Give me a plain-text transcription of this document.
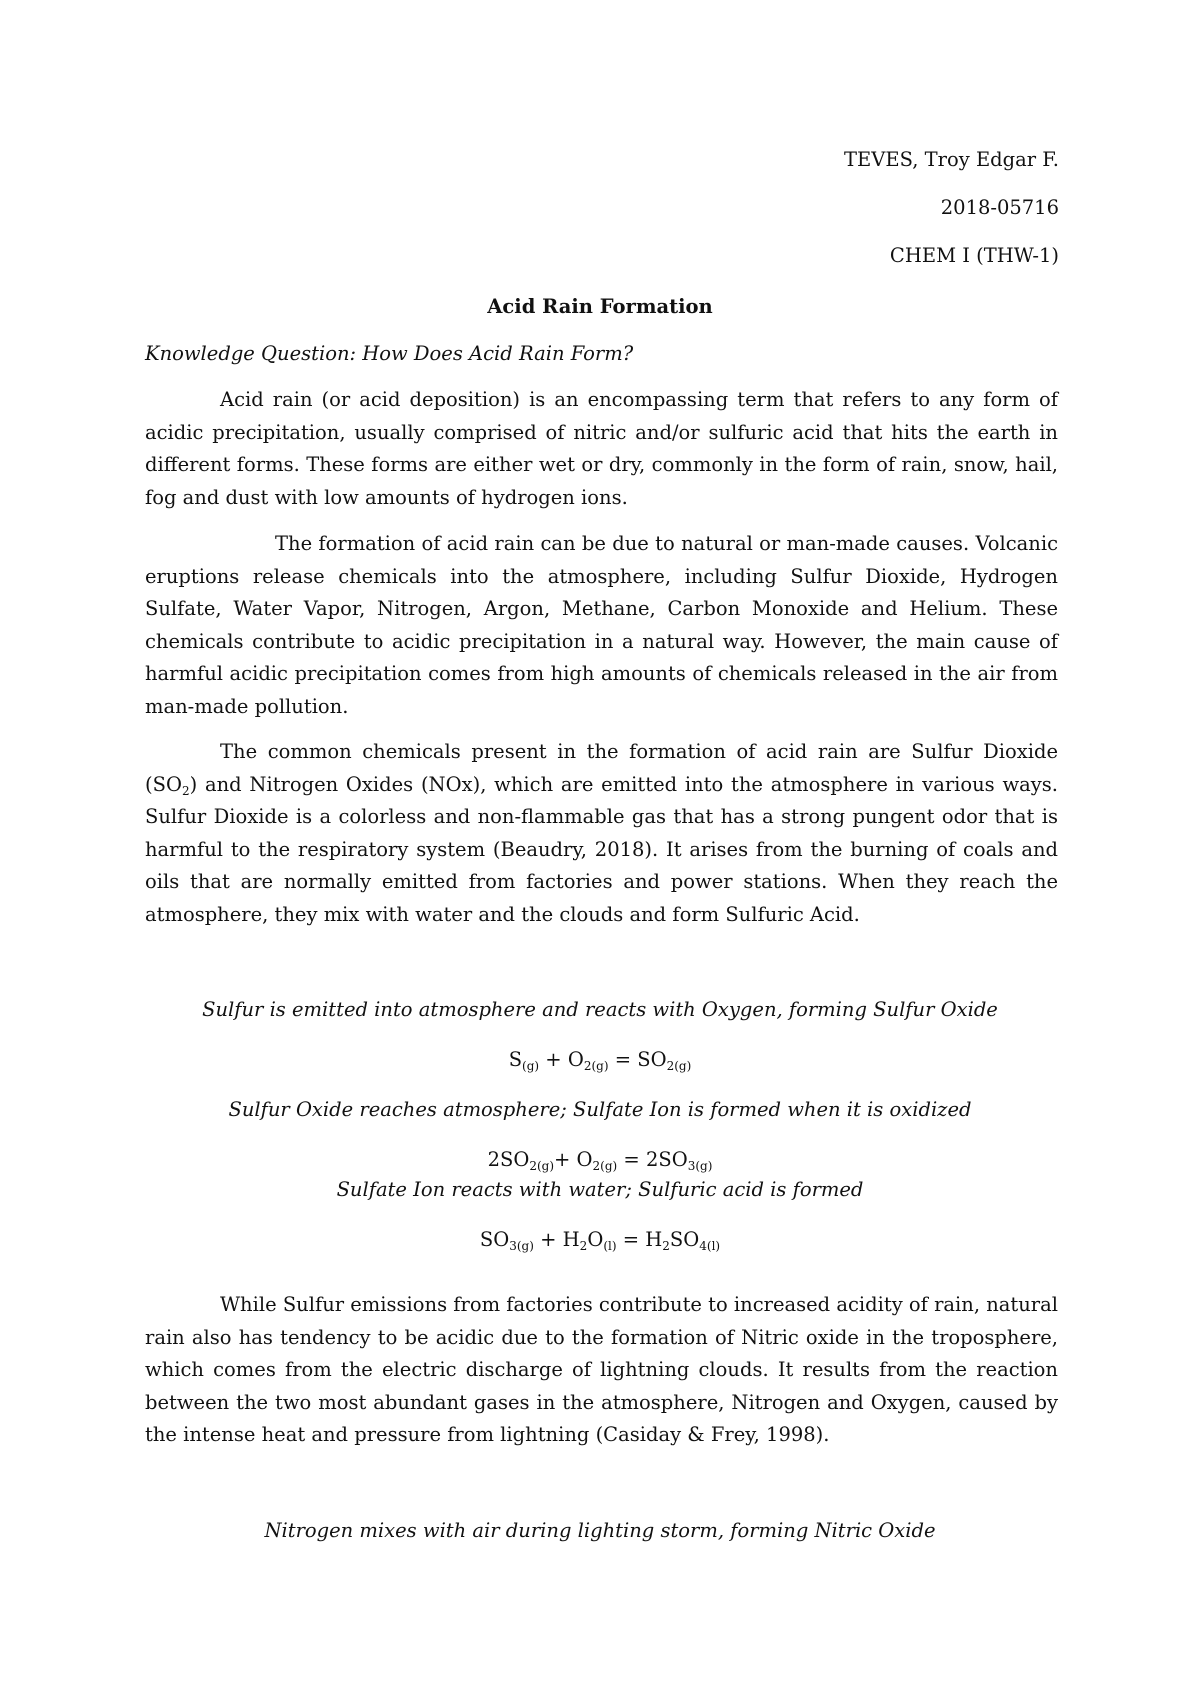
TEVES, Troy Edgar F.
2018-05716
CHEM I (THW-1)
Acid Rain Formation
Knowledge Question: How Does Acid Rain Form?
Acid rain (or acid deposition) is an encompassing term that refers to any form of acidic precipitation, usually comprised of nitric and/or sulfuric acid that hits the earth in different forms. These forms are either wet or dry, commonly in the form of rain, snow, hail, fog and dust with low amounts of hydrogen ions.
The formation of acid rain can be due to natural or man-made causes. Volcanic eruptions release chemicals into the atmosphere, including Sulfur Dioxide, Hydrogen Sulfate, Water Vapor, Nitrogen, Argon, Methane, Carbon Monoxide and Helium. These chemicals contribute to acidic precipitation in a natural way. However, the main cause of harmful acidic precipitation comes from high amounts of chemicals released in the air from man-made pollution.
The common chemicals present in the formation of acid rain are Sulfur Dioxide $(SO_2)$ and Nitrogen Oxides (NOx), which are emitted into the atmosphere in various ways. Sulfur Dioxide is a colorless and non-flammable gas that has a strong pungent odor that is harmful to the respiratory system (Beaudry, 2018). It arises from the burning of coals and oils that are normally emitted from factories and power stations. When they reach the atmosphere, they mix with water and the clouds and form Sulfuric Acid.
Sulfur is emitted into atmosphere and reacts with Oxygen, forming Sulfur Oxide
$S_{(g)} + O_{2(g)} = SO_{2(g)}$
Sulfur Oxide reaches atmosphere; Sulfate Ion is formed when it is oxidized
$2SO_{2(g)}+ O_{2(g)} = 2SO_{3(g)}$
Sulfate Ion reacts with water; Sulfuric acid is formed
$SO_{3(g)} + H_2O_{(l)} = H_2SO_{4(l)}$
While Sulfur emissions from factories contribute to increased acidity of rain, natural rain also has tendency to be acidic due to the formation of Nitric oxide in the troposphere, which comes from the electric discharge of lightning clouds. It results from the reaction between the two most abundant gases in the atmosphere, Nitrogen and Oxygen, caused by the intense heat and pressure from lightning (Casiday & Frey, 1998).
Nitrogen mixes with air during lighting storm, forming Nitric Oxide
